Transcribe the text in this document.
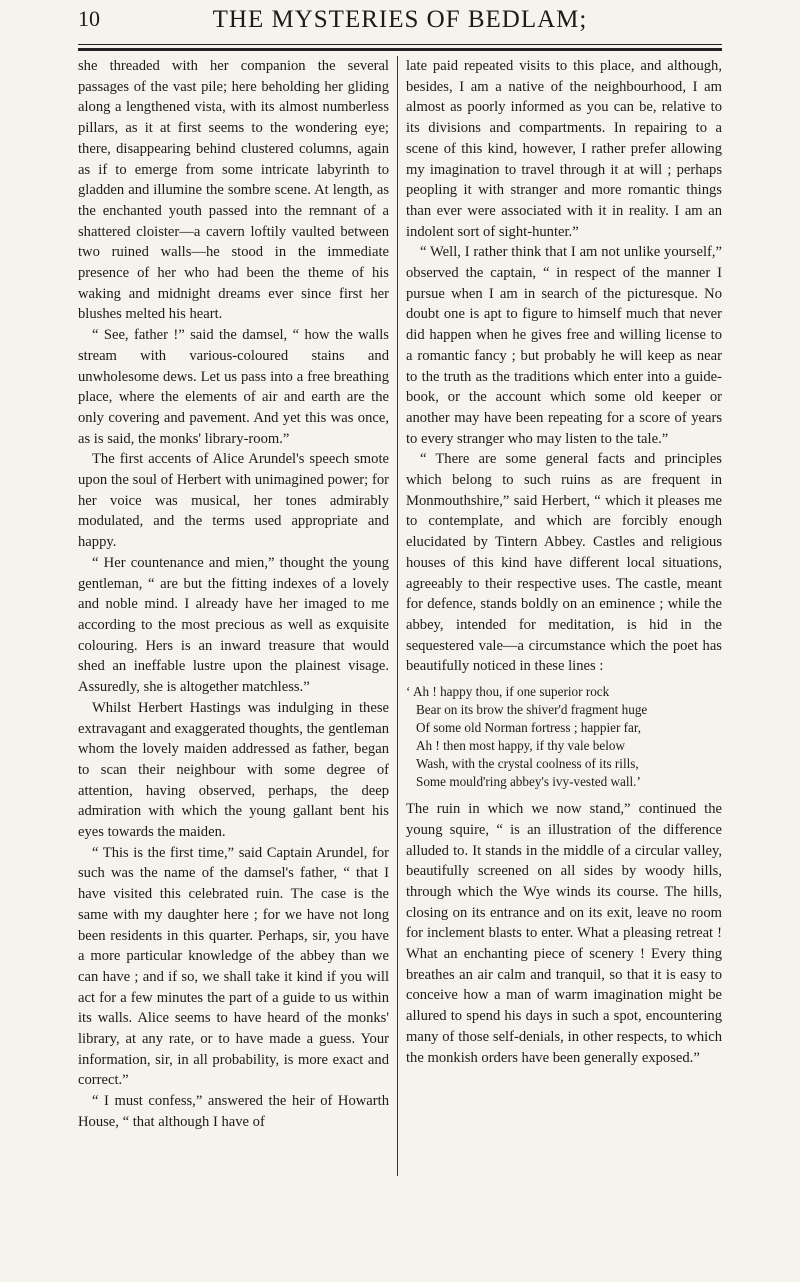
10	THE MYSTERIES OF BEDLAM;

she threaded with her companion the several passages of the vast pile; here beholding her gliding along a lengthened vista, with its almost numberless pillars, as it at first seems to the wondering eye; there, disappearing behind clustered columns, again as if to emerge from some intricate labyrinth to gladden and illumine the sombre scene. At length, as the enchanted youth passed into the remnant of a shattered cloister—a cavern loftily vaulted between two ruined walls—he stood in the immediate presence of her who had been the theme of his waking and midnight dreams ever since first her blushes melted his heart.

“ See, father !” said the damsel, “ how the walls stream with various-coloured stains and unwholesome dews. Let us pass into a free breathing place, where the elements of air and earth are the only covering and pavement. And yet this was once, as is said, the monks' library-room.”

The first accents of Alice Arundel's speech smote upon the soul of Herbert with unimagined power; for her voice was musical, her tones admirably modulated, and the terms used appropriate and happy.

“ Her countenance and mien,” thought the young gentleman, “ are but the fitting indexes of a lovely and noble mind. I already have her imaged to me according to the most precious as well as exquisite colouring. Hers is an inward treasure that would shed an ineffable lustre upon the plainest visage. Assuredly, she is altogether matchless.”

Whilst Herbert Hastings was indulging in these extravagant and exaggerated thoughts, the gentleman whom the lovely maiden addressed as father, began to scan their neighbour with some degree of attention, having observed, perhaps, the deep admiration with which the young gallant bent his eyes towards the maiden.

“ This is the first time,” said Captain Arundel, for such was the name of the damsel's father, “ that I have visited this celebrated ruin. The case is the same with my daughter here ; for we have not long been residents in this quarter. Perhaps, sir, you have a more particular knowledge of the abbey than we can have ; and if so, we shall take it kind if you will act for a few minutes the part of a guide to us within its walls. Alice seems to have heard of the monks' library, at any rate, or to have made a guess. Your information, sir, in all probability, is more exact and correct.”

“ I must confess,” answered the heir of Howarth House, “ that although I have of

late paid repeated visits to this place, and although, besides, I am a native of the neighbourhood, I am almost as poorly informed as you can be, relative to its divisions and compartments. In repairing to a scene of this kind, however, I rather prefer allowing my imagination to travel through it at will ; perhaps peopling it with stranger and more romantic things than ever were associated with it in reality. I am an indolent sort of sight-hunter.”

“ Well, I rather think that I am not unlike yourself,” observed the captain, “ in respect of the manner I pursue when I am in search of the picturesque. No doubt one is apt to figure to himself much that never did happen when he gives free and willing license to a romantic fancy ; but probably he will keep as near to the truth as the traditions which enter into a guide-book, or the account which some old keeper or another may have been repeating for a score of years to every stranger who may listen to the tale.”

“ There are some general facts and principles which belong to such ruins as are frequent in Monmouthshire,” said Herbert, “ which it pleases me to contemplate, and which are forcibly enough elucidated by Tintern Abbey. Castles and religious houses of this kind have different local situations, agreeably to their respective uses. The castle, meant for defence, stands boldly on an eminence ; while the abbey, intended for meditation, is hid in the sequestered vale—a circumstance which the poet has beautifully noticed in these lines :

‘ Ah ! happy thou, if one superior rock
Bear on its brow the shiver'd fragment huge
Of some old Norman fortress ; happier far,
Ah ! then most happy, if thy vale below
Wash, with the crystal coolness of its rills,
Some mould'ring abbey's ivy-vested wall.’

The ruin in which we now stand,” continued the young squire, “ is an illustration of the difference alluded to. It stands in the middle of a circular valley, beautifully screened on all sides by woody hills, through which the Wye winds its course. The hills, closing on its entrance and on its exit, leave no room for inclement blasts to enter. What a pleasing retreat ! What an enchanting piece of scenery ! Every thing breathes an air calm and tranquil, so that it is easy to conceive how a man of warm imagination might be allured to spend his days in such a spot, encountering many of those self-denials, in other respects, to which the monkish orders have been generally exposed.”
